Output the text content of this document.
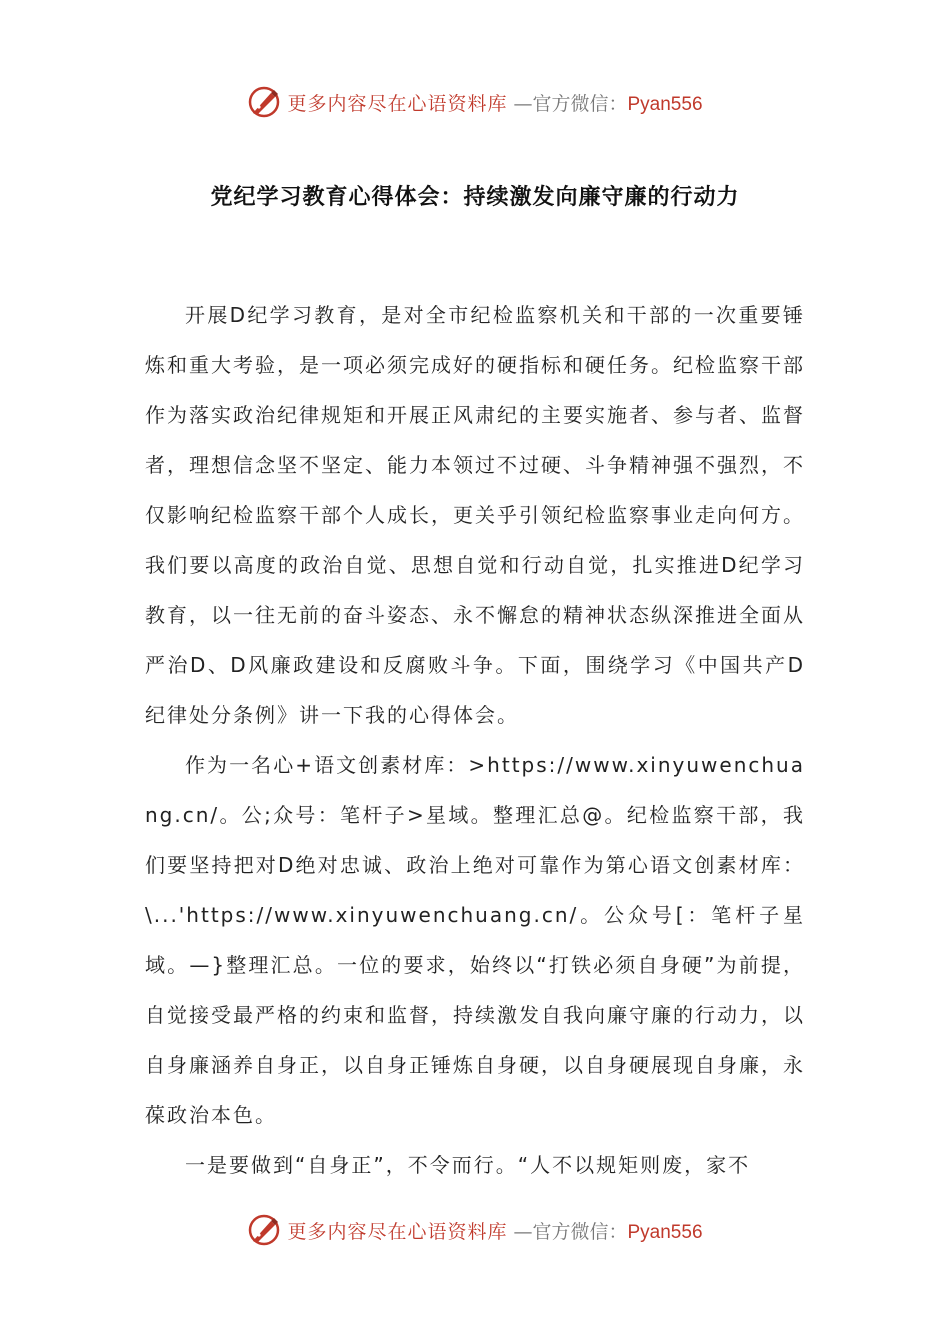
更多内容尽在心语资料库 —官方微信：Pyan556
党纪学习教育心得体会：持续激发向廉守廉的行动力

开展D纪学习教育，是对全市纪检监察机关和干部的一次重要锤炼和重大考验，是一项必须完成好的硬指标和硬任务。纪检监察干部作为落实政治纪律规矩和开展正风肃纪的主要实施者、参与者、监督者，理想信念坚不坚定、能力本领过不过硬、斗争精神强不强烈，不仅影响纪检监察干部个人成长，更关乎引领纪检监察事业走向何方。我们要以高度的政治自觉、思想自觉和行动自觉，扎实推进D纪学习教育，以一往无前的奋斗姿态、永不懈怠的精神状态纵深推进全面从严治D、D风廉政建设和反腐败斗争。下面，围绕学习《中国共产D纪律处分条例》讲一下我的心得体会。

作为一名心+语文创素材库：>https://www.xinyuwenchuang.cn/。公;众号：笔杆子>星域。整理汇总@。纪检监察干部，我们要坚持把对D绝对忠诚、政治上绝对可靠作为第心语文创素材库：\...'https://www.xinyuwenchuang.cn/。公众号[：笔杆子星域。—}整理汇总。一位的要求，始终以“打铁必须自身硬”为前提，自觉接受最严格的约束和监督，持续激发自我向廉守廉的行动力，以自身廉涵养自身正，以自身正锤炼自身硬，以自身硬展现自身廉，永葆政治本色。

一是要做到“自身正”，不令而行。“人不以规矩则废，家不

更多内容尽在心语资料库 —官方微信：Pyan556
